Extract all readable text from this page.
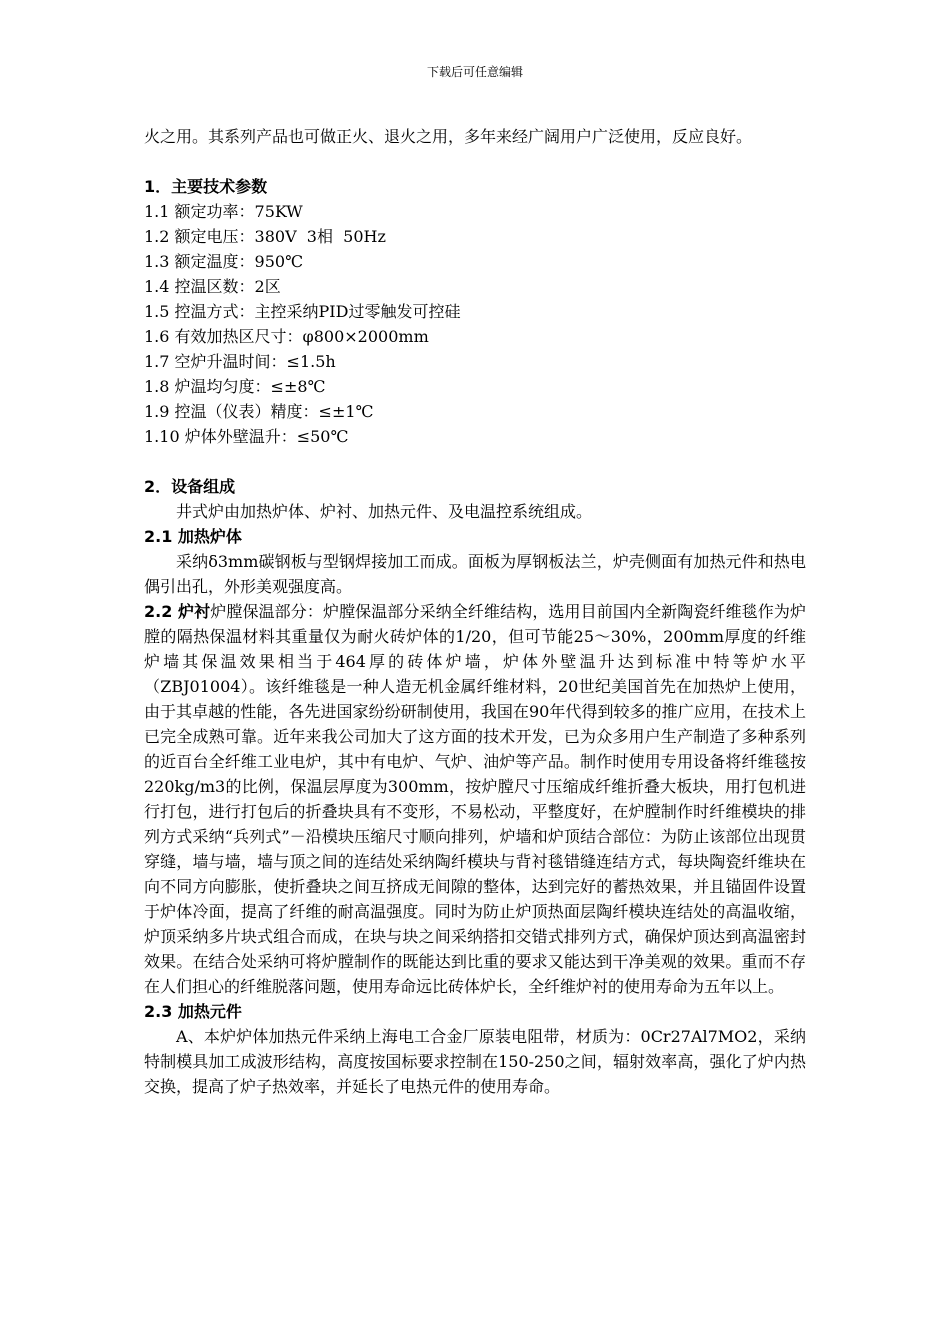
下载后可任意编辑

火之用。其系列产品也可做正火、退火之用，多年来经广阔用户广泛使用，反应良好。

1．主要技术参数

1.1 额定功率：75KW

1.2 额定电压：380V  3相  50Hz

1.3 额定温度：950℃

1.4 控温区数：2区

1.5 控温方式：主控采纳PID过零触发可控硅

1.6 有效加热区尺寸：φ800×2000mm

1.7 空炉升温时间：≤1.5h

1.8 炉温均匀度：≤±8℃

1.9 控温（仪表）精度：≤±1℃

1.10 炉体外壁温升：≤50℃

2．设备组成

井式炉由加热炉体、炉衬、加热元件、及电温控系统组成。

2.1 加热炉体

采纳δ3mm碳钢板与型钢焊接加工而成。面板为厚钢板法兰，炉壳侧面有加热元件和热电偶引出孔，外形美观强度高。

2.2 炉衬炉膛保温部分：炉膛保温部分采纳全纤维结构，选用目前国内全新陶瓷纤维毯作为炉膛的隔热保温材料其重量仅为耐火砖炉体的1/20，但可节能25～30%，200mm厚度的纤维炉墙其保温效果相当于464厚的砖体炉墙，炉体外壁温升达到标准中特等炉水平（ZBJ01004）。该纤维毯是一种人造无机金属纤维材料，20世纪美国首先在加热炉上使用，由于其卓越的性能，各先进国家纷纷研制使用，我国在90年代得到较多的推广应用，在技术上已完全成熟可靠。近年来我公司加大了这方面的技术开发，已为众多用户生产制造了多种系列的近百台全纤维工业电炉，其中有电炉、气炉、油炉等产品。制作时使用专用设备将纤维毯按220kg/m3的比例，保温层厚度为300mm，按炉膛尺寸压缩成纤维折叠大板块，用打包机进行打包，进行打包后的折叠块具有不变形，不易松动，平整度好，在炉膛制作时纤维模块的排列方式采纳“兵列式”－沿模块压缩尺寸顺向排列，炉墙和炉顶结合部位：为防止该部位出现贯穿缝，墙与墙，墙与顶之间的连结处采纳陶纤模块与背衬毯错缝连结方式，每块陶瓷纤维块在向不同方向膨胀，使折叠块之间互挤成无间隙的整体，达到完好的蓄热效果，并且锚固件设置于炉体冷面，提高了纤维的耐高温强度。同时为防止炉顶热面层陶纤模块连结处的高温收缩，炉顶采纳多片块式组合而成，在块与块之间采纳搭扣交错式排列方式，确保炉顶达到高温密封效果。在结合处采纳可将炉膛制作的既能达到比重的要求又能达到干净美观的效果。重而不存在人们担心的纤维脱落问题，使用寿命远比砖体炉长，全纤维炉衬的使用寿命为五年以上。

2.3 加热元件

A、本炉炉体加热元件采纳上海电工合金厂原装电阻带，材质为：0Cr27Al7MO2，采纳特制模具加工成波形结构，高度按国标要求控制在150-250之间，辐射效率高，强化了炉内热交换，提高了炉子热效率，并延长了电热元件的使用寿命。
